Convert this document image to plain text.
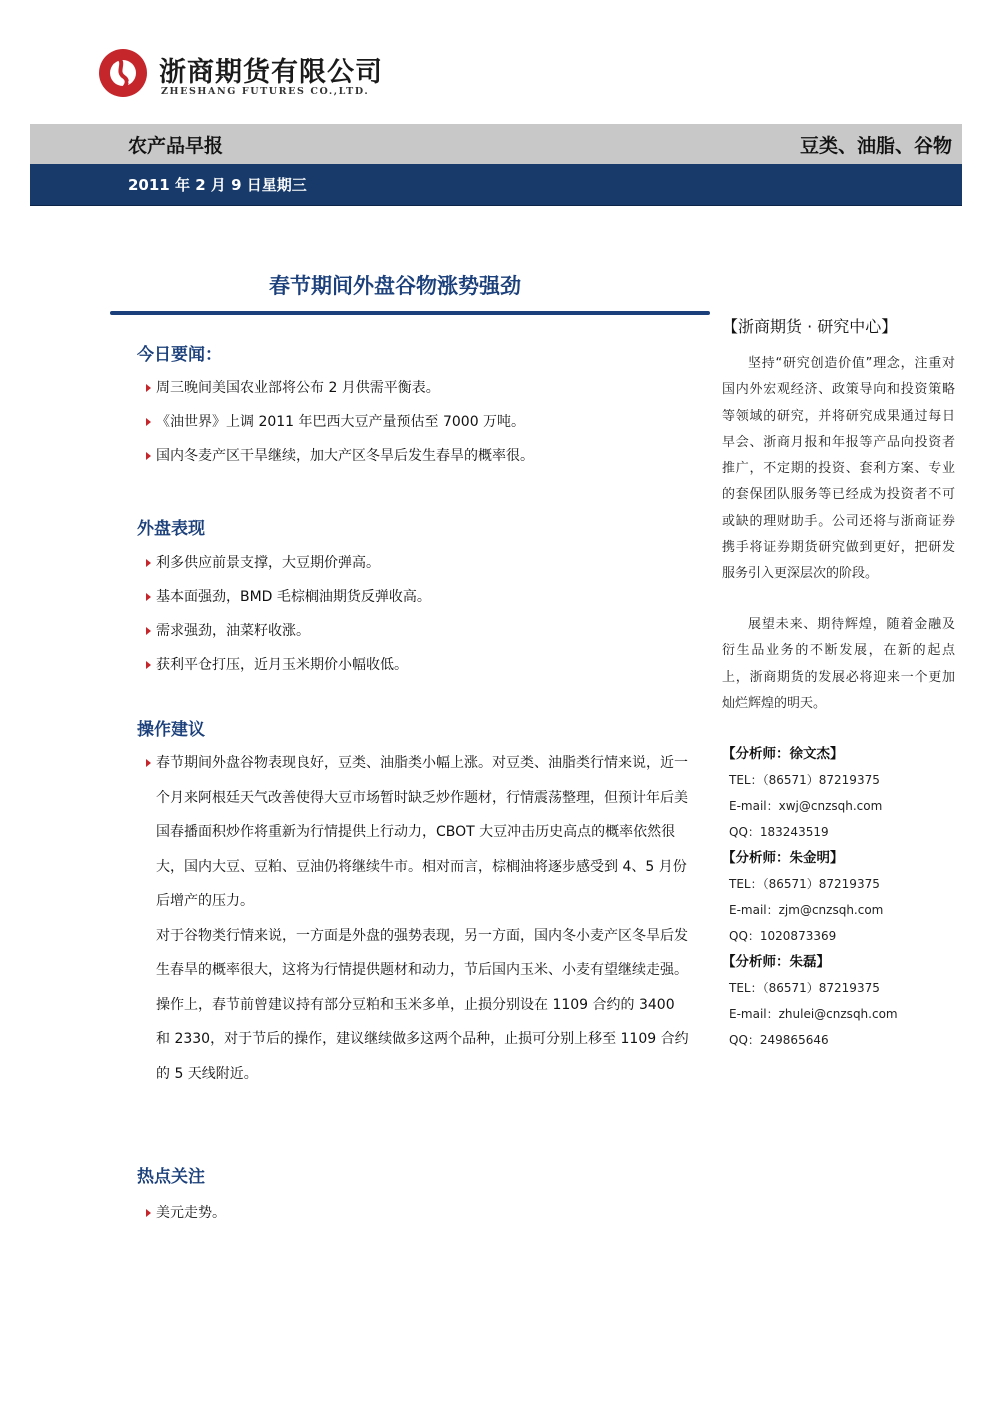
浙商期货有限公司
ZHESHANG FUTURES CO.,LTD.
农产品早报	豆类、油脂、谷物
2011 年 2 月 9 日星期三
春节期间外盘谷物涨势强劲
今日要闻：
周三晚间美国农业部将公布 2 月供需平衡表。
《油世界》上调 2011 年巴西大豆产量预估至 7000 万吨。
国内冬麦产区干旱继续，加大产区冬旱后发生春旱的概率很。
外盘表现
利多供应前景支撑，大豆期价弹高。
基本面强劲，BMD 毛棕榈油期货反弹收高。
需求强劲，油菜籽收涨。
获利平仓打压，近月玉米期价小幅收低。
操作建议

春节期间外盘谷物表现良好，豆类、油脂类小幅上涨。对豆类、油脂类行情来说，近一个月来阿根廷天气改善使得大豆市场暂时缺乏炒作题材，行情震荡整理，但预计年后美国春播面积炒作将重新为行情提供上行动力，CBOT 大豆冲击历史高点的概率依然很大，国内大豆、豆粕、豆油仍将继续牛市。相对而言，棕榈油将逐步感受到 4、5 月份后增产的压力。

对于谷物类行情来说，一方面是外盘的强势表现，另一方面，国内冬小麦产区冬旱后发生春旱的概率很大，这将为行情提供题材和动力，节后国内玉米、小麦有望继续走强。

操作上，春节前曾建议持有部分豆粕和玉米多单，止损分别设在 1109 合约的 3400 和 2330，对于节后的操作，建议继续做多这两个品种，止损可分别上移至 1109 合约的 5 天线附近。

热点关注
美元走势。
【浙商期货 · 研究中心】

坚持“研究创造价值”理念，注重对国内外宏观经济、政策导向和投资策略等领域的研究，并将研究成果通过每日早会、浙商月报和年报等产品向投资者推广，不定期的投资、套利方案、专业的套保团队服务等已经成为投资者不可或缺的理财助手。公司还将与浙商证券携手将证券期货研究做到更好，把研发服务引入更深层次的阶段。

展望未来、期待辉煌，随着金融及衍生品业务的不断发展，在新的起点上，浙商期货的发展必将迎来一个更加灿烂辉煌的明天。

【分析师：徐文杰】
TEL：（86571）87219375
E-mail：xwj@cnzsqh.com
QQ：183243519
【分析师：朱金明】
TEL：（86571）87219375
E-mail：zjm@cnzsqh.com
QQ：1020873369
【分析师：朱磊】
TEL：（86571）87219375
E-mail：zhulei@cnzsqh.com
QQ：249865646
